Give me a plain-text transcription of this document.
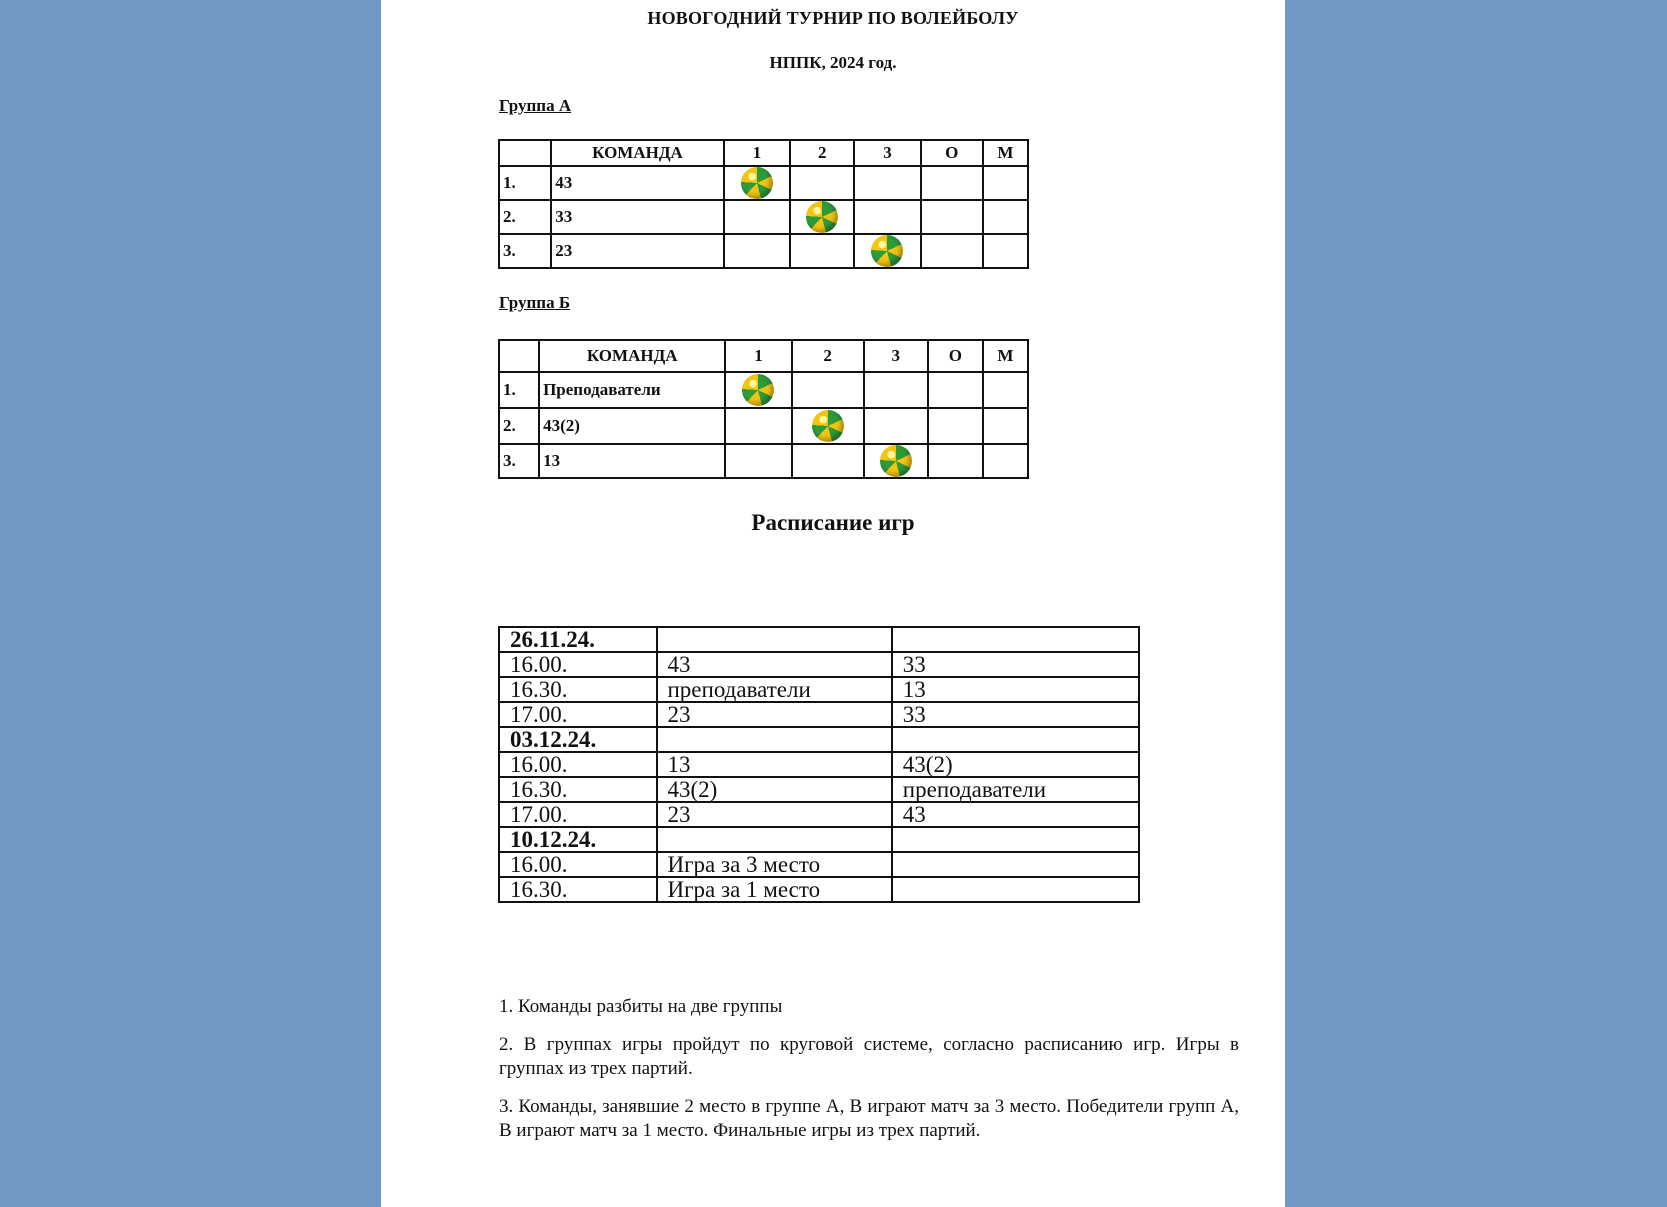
НОВОГОДНИЙ ТУРНИР ПО ВОЛЕЙБОЛУ
НППК, 2024 год.
Группа А
	КОМАНДА	1	2	3	О	М
1.	43					
2.	33					
3.	23					
Группа Б
	КОМАНДА	1	2	3	О	М
1.	Преподаватели					
2.	43(2)					
3.	13					
Расписание игр
26.11.24.		
16.00.	43	33
16.30.	преподаватели	13
17.00.	23	33
03.12.24.		
16.00.	13	43(2)
16.30.	43(2)	преподаватели
17.00.	23	43
10.12.24.		
16.00.	Игра за 3 место	
16.30.	Игра за 1 место	

1. Команды разбиты на две группы

2. В группах игры пройдут по круговой системе, согласно расписанию игр. Игры в группах из трех партий.

3. Команды, занявшие 2 место в группе А, В играют матч за 3 место. Победители групп А, В играют матч за 1 место. Финальные игры из трех партий.
